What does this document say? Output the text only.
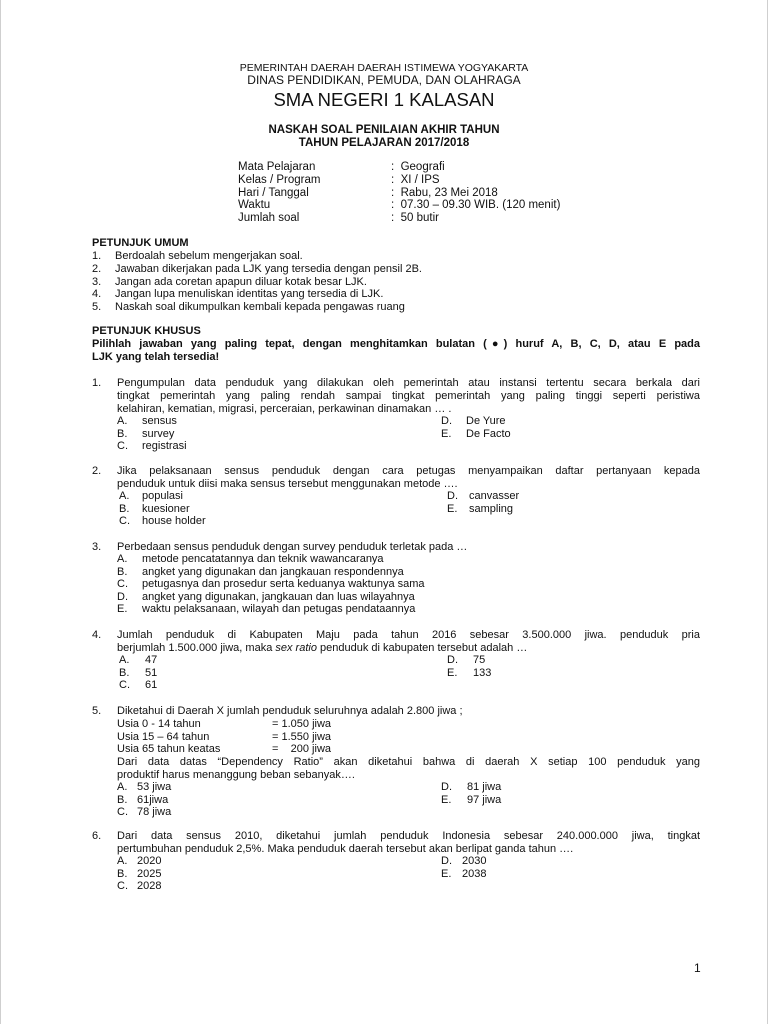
PEMERINTAH DAERAH DAERAH ISTIMEWA YOGYAKARTA
DINAS PENDIDIKAN, PEMUDA, DAN OLAHRAGA
SMA NEGERI 1 KALASAN
NASKAH SOAL PENILAIAN AKHIR TAHUN
TAHUN PELAJARAN 2017/2018
Mata Pelajaran
Kelas / Program
Hari / Tanggal
Waktu
Jumlah soal
:  Geografi
:  XI / IPS
:  Rabu, 23 Mei 2018
:  07.30 – 09.30 WIB. (120 menit)
:  50 butir
PETUNJUK UMUM
1. Berdoalah sebelum mengerjakan soal.
2. Jawaban dikerjakan pada LJK yang tersedia dengan pensil 2B.
3. Jangan ada coretan apapun diluar kotak besar LJK.
4. Jangan lupa menuliskan identitas yang tersedia di LJK.
5. Naskah soal dikumpulkan kembali kepada pengawas ruang
PETUNJUK KHUSUS
Pilihlah jawaban yang paling tepat, dengan menghitamkan bulatan (●) huruf A, B, C, D, atau E pada
LJK yang telah tersedia!
1. Pengumpulan data penduduk yang dilakukan oleh pemerintah atau instansi tertentu secara berkala dari
tingkat pemerintah yang paling rendah sampai tingkat pemerintah yang paling tinggi seperti peristiwa
kelahiran, kematian, migrasi, perceraian, perkawinan dinamakan … .
A. sensus
B. survey
C. registrasi
D. De Yure
E. De Facto
2. Jika pelaksanaan sensus penduduk dengan cara petugas menyampaikan daftar pertanyaan kepada
penduduk untuk diisi maka sensus tersebut menggunakan metode ….
A. populasi
B. kuesioner
C. house holder
D. canvasser
E. sampling
3. Perbedaan sensus penduduk dengan survey penduduk terletak pada …
A. metode pencatatannya dan teknik wawancaranya
B. angket yang digunakan dan jangkauan respondennya
C. petugasnya dan prosedur serta keduanya waktunya sama
D. angket yang digunakan, jangkauan dan luas wilayahnya
E. waktu pelaksanaan, wilayah dan petugas pendataannya
4. Jumlah penduduk di Kabupaten Maju pada tahun 2016 sebesar 3.500.000 jiwa. penduduk pria
berjumlah 1.500.000 jiwa, maka sex ratio penduduk di kabupaten tersebut adalah …
A. 47
B. 51
C. 61
D. 75
E. 133
5. Diketahui di Daerah X jumlah penduduk seluruhnya adalah 2.800 jiwa ;
Usia 0 - 14 tahun
Usia 15 – 64 tahun
Usia 65 tahun keatas
= 1.050 jiwa
= 1.550 jiwa
=    200 jiwa
Dari data datas “Dependency Ratio” akan diketahui bahwa di daerah X setiap 100 penduduk yang
produktif harus menanggung beban sebanyak….
A. 53 jiwa
B. 61jiwa
C. 78 jiwa
D. 81 jiwa
E. 97 jiwa
6. Dari data sensus 2010, diketahui jumlah penduduk Indonesia sebesar 240.000.000 jiwa, tingkat
pertumbuhan penduduk 2,5%. Maka penduduk daerah tersebut akan berlipat ganda tahun ….
A. 2020
B. 2025
C. 2028
D. 2030
E. 2038
1
